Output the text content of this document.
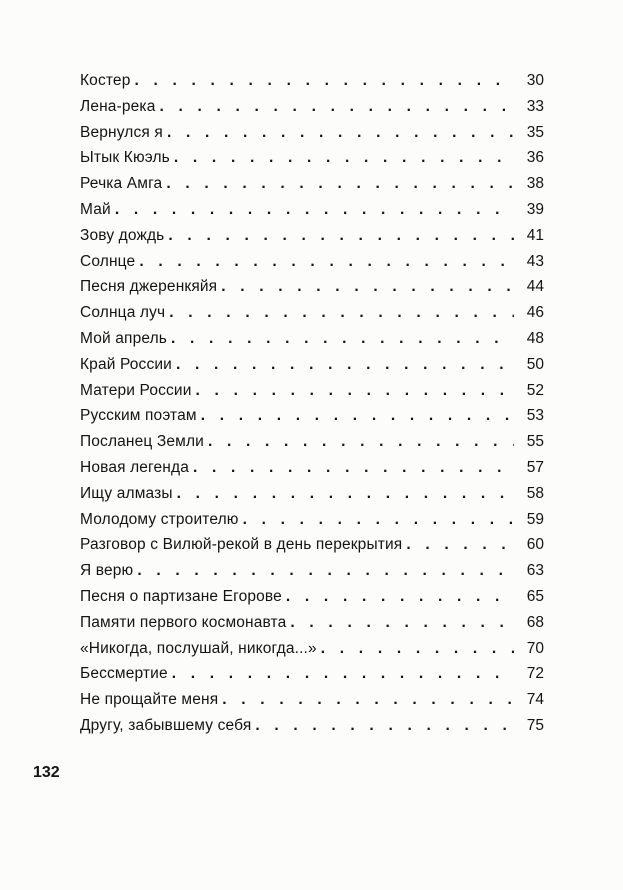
Костер . . .	30
Лена-река . . .	33
Вернулся я . . .	35
Ытык Кюэль . . .	36
Речка Амга . . .	38
Май . . .	39
Зову дождь . . .	41
Солнце . . .	43
Песня джеренкяйя . . .	44
Солнца луч . . .	46
Мой апрель . . .	48
Край России . . .	50
Матери России . . .	52
Русским поэтам . . .	53
Посланец Земли . . .	55
Новая легенда . . .	57
Ищу алмазы . . .	58
Молодому строителю . . .	59
Разговор с Вилюй-рекой в день перекрытия . . .	60
Я верю . . .	63
Песня о партизане Егорове . . .	65
Памяти первого космонавта . . .	68
«Никогда, послушай, никогда...» . . .	70
Бессмертие . . .	72
Не прощайте меня . . .	74
Другу, забывшему себя . . .	75
132
